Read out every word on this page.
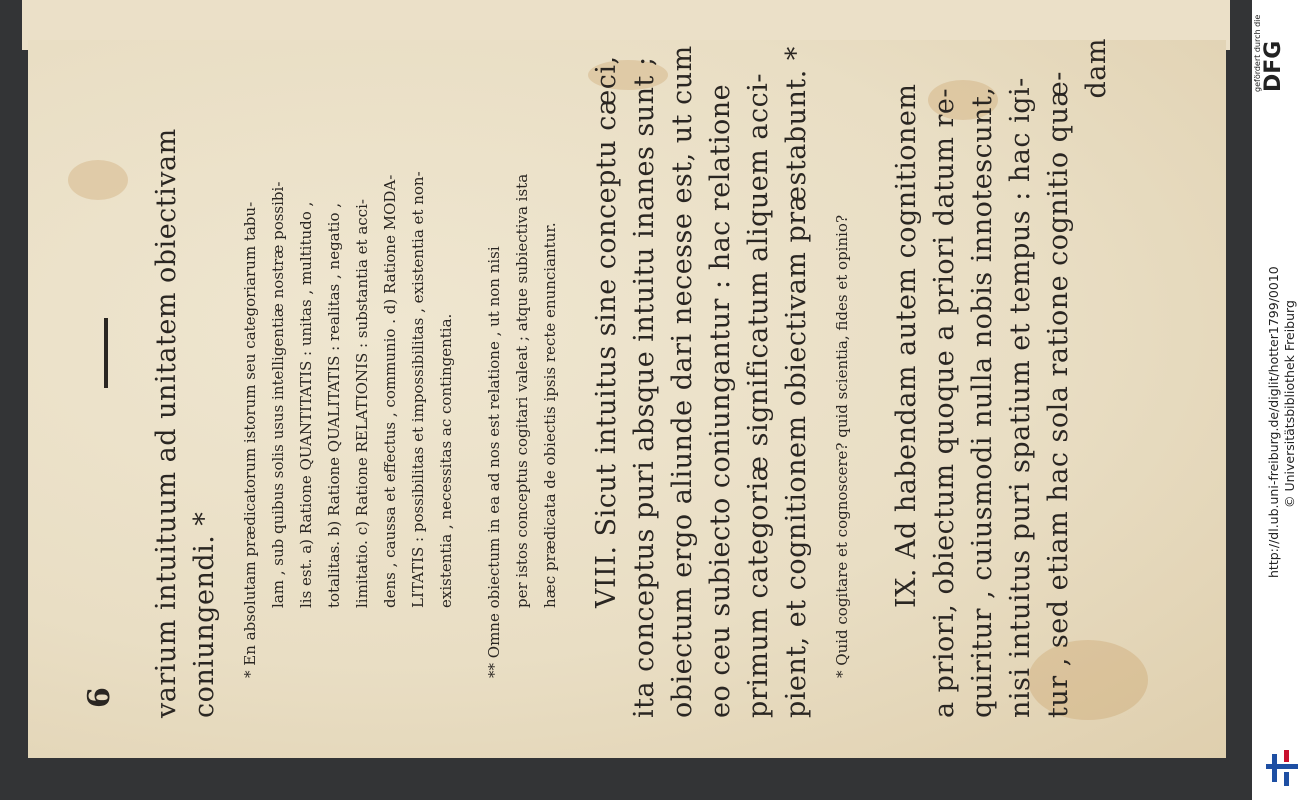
6 varium intuituum ad unitatem obiectivam coniungendi. *	* En absolutam prædicatorum istorum seu categoriarum tabu- lam , sub quibus solis usus intelligentiæ nostræ possibi- lis est. a) Ratione QUANTITATIS : unitas , multitudo , totalitas. b) Ratione QUALITATIS : realitas , negatio , limitatio. c) Ratione RELATIONIS : substantia et acci- dens , caussa et effectus , communio . d) Ratione MODA- LITATIS : possibilitas et impossibilitas , existentia et non- existentia , necessitas ac contingentia.	** Omne obiectum in ea ad nos est relatione , ut non nisi per istos conceptus cogitari valeat ; atque subiectiva ista hæc prædicata de obiectis ipsis recte enunciantur. VIII. Sicut intuitus sine conceptu cæci, ita conceptus puri absque intuitu inanes sunt ; obiectum ergo aliunde dari necesse est, ut cum eo ceu subiecto coniungantur : hac relatione primum categoriæ significatum aliquem acci- pient, et cognitionem obiectivam præstabunt. *	* Quid cogitare et cognoscere? quid scientia, fides et opinio? IX. Ad habendam autem cognitionem a priori, obiectum quoque a priori datum re- quiritur , cuiusmodi nulla nobis innotescunt, nisi intuitus puri spatium et tempus : hac igi- tur , sed etiam hac sola ratione cognitio quæ-
dam	gefördert durch die DFG
http://dl.ub.uni-freiburg.de/diglit/hotter1799/0010 © Universitätsbibliothek Freiburg
